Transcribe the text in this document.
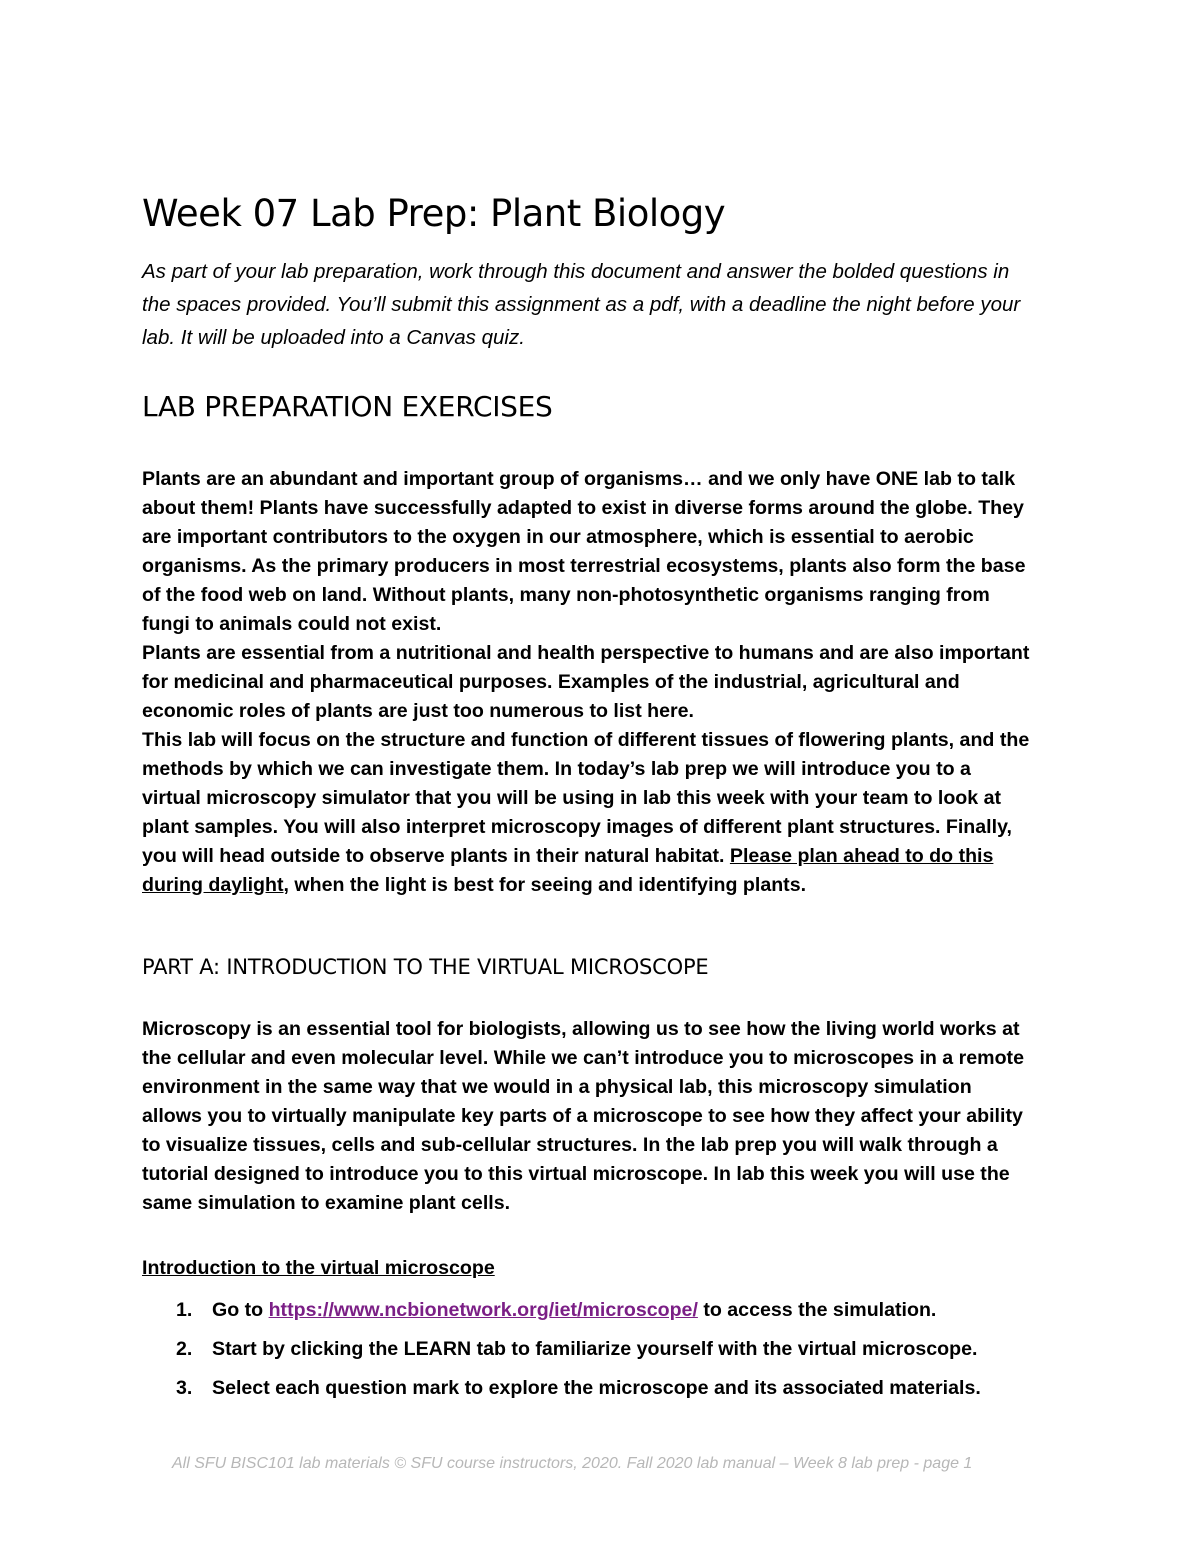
Week 07 Lab Prep: Plant Biology
As part of your lab preparation, work through this document and answer the bolded questions in the spaces provided. You’ll submit this assignment as a pdf, with a deadline the night before your lab. It will be uploaded into a Canvas quiz.
LAB PREPARATION EXERCISES

Plants are an abundant and important group of organisms… and we only have ONE lab to talk about them! Plants have successfully adapted to exist in diverse forms around the globe. They are important contributors to the oxygen in our atmosphere, which is essential to aerobic organisms. As the primary producers in most terrestrial ecosystems, plants also form the base of the food web on land. Without plants, many non-photosynthetic organisms ranging from fungi to animals could not exist.

Plants are essential from a nutritional and health perspective to humans and are also important for medicinal and pharmaceutical purposes. Examples of the industrial, agricultural and economic roles of plants are just too numerous to list here.

This lab will focus on the structure and function of different tissues of flowering plants, and the methods by which we can investigate them. In today’s lab prep we will introduce you to a virtual microscopy simulator that you will be using in lab this week with your team to look at plant samples. You will also interpret microscopy images of different plant structures. Finally, you will head outside to observe plants in their natural habitat. Please plan ahead to do this during daylight, when the light is best for seeing and identifying plants.

PART A: INTRODUCTION TO THE VIRTUAL MICROSCOPE
Microscopy is an essential tool for biologists, allowing us to see how the living world works at the cellular and even molecular level. While we can’t introduce you to microscopes in a remote environment in the same way that we would in a physical lab, this microscopy simulation allows you to virtually manipulate key parts of a microscope to see how they affect your ability to visualize tissues, cells and sub-cellular structures. In the lab prep you will walk through a tutorial designed to introduce you to this virtual microscope. In lab this week you will use the same simulation to examine plant cells.
Introduction to the virtual microscope
1. Go to https://www.ncbionetwork.org/iet/microscope/ to access the simulation.
2. Start by clicking the LEARN tab to familiarize yourself with the virtual microscope.
3. Select each question mark to explore the microscope and its associated materials.
All SFU BISC101 lab materials © SFU course instructors, 2020. Fall 2020 lab manual – Week 8 lab prep - page 1
